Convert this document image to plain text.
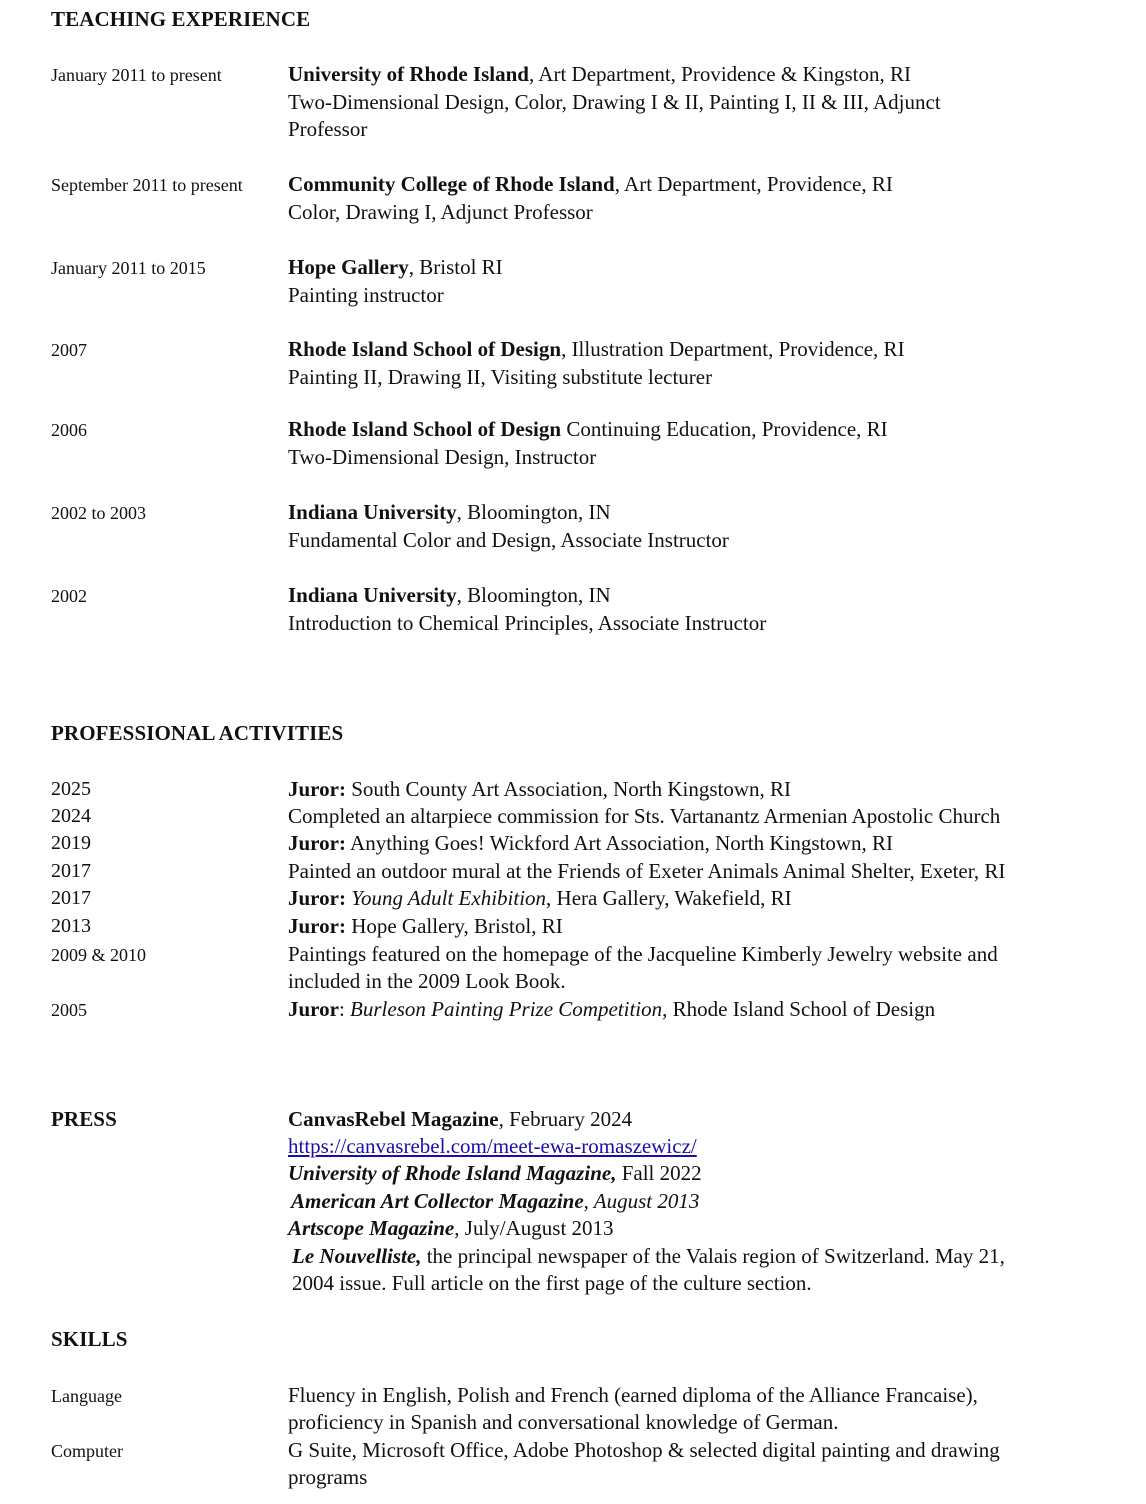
TEACHING EXPERIENCE
January 2011 to present	University of Rhode Island, Art Department, Providence & Kingston, RI
Two-Dimensional Design, Color, Drawing I & II, Painting I, II & III, Adjunct
Professor
September 2011 to present Community College of Rhode Island, Art Department, Providence, RI
Color, Drawing I, Adjunct Professor
January 2011 to 2015	Hope Gallery, Bristol RI
Painting instructor
2007	Rhode Island School of Design, Illustration Department, Providence, RI
Painting II, Drawing II, Visiting substitute lecturer
2006	Rhode Island School of Design Continuing Education, Providence, RI
Two-Dimensional Design, Instructor
2002 to 2003	Indiana University, Bloomington, IN
Fundamental Color and Design, Associate Instructor
2002	Indiana University, Bloomington, IN
Introduction to Chemical Principles, Associate Instructor
PROFESSIONAL ACTIVITIES
2025	Juror: South County Art Association, North Kingstown, RI
2024	Completed an altarpiece commission for Sts. Vartanantz Armenian Apostolic Church
2019	Juror: Anything Goes! Wickford Art Association, North Kingstown, RI
2017	Painted an outdoor mural at the Friends of Exeter Animals Animal Shelter, Exeter, RI
2017	Juror: Young Adult Exhibition, Hera Gallery, Wakefield, RI
2013	Juror: Hope Gallery, Bristol, RI
2009 & 2010	Paintings featured on the homepage of the Jacqueline Kimberly Jewelry website and
included in the 2009 Look Book.
2005	Juror: Burleson Painting Prize Competition, Rhode Island School of Design
PRESS	CanvasRebel Magazine, February 2024
https://canvasrebel.com/meet-ewa-romaszewicz/
University of Rhode Island Magazine, Fall 2022
American Art Collector Magazine, August 2013
Artscope Magazine, July/August 2013
Le Nouvelliste, the principal newspaper of the Valais region of Switzerland. May 21,
2004 issue. Full article on the first page of the culture section.
SKILLS
Language	Fluency in English, Polish and French (earned diploma of the Alliance Francaise),
proficiency in Spanish and conversational knowledge of German.
Computer	G Suite, Microsoft Office, Adobe Photoshop & selected digital painting and drawing
programs
